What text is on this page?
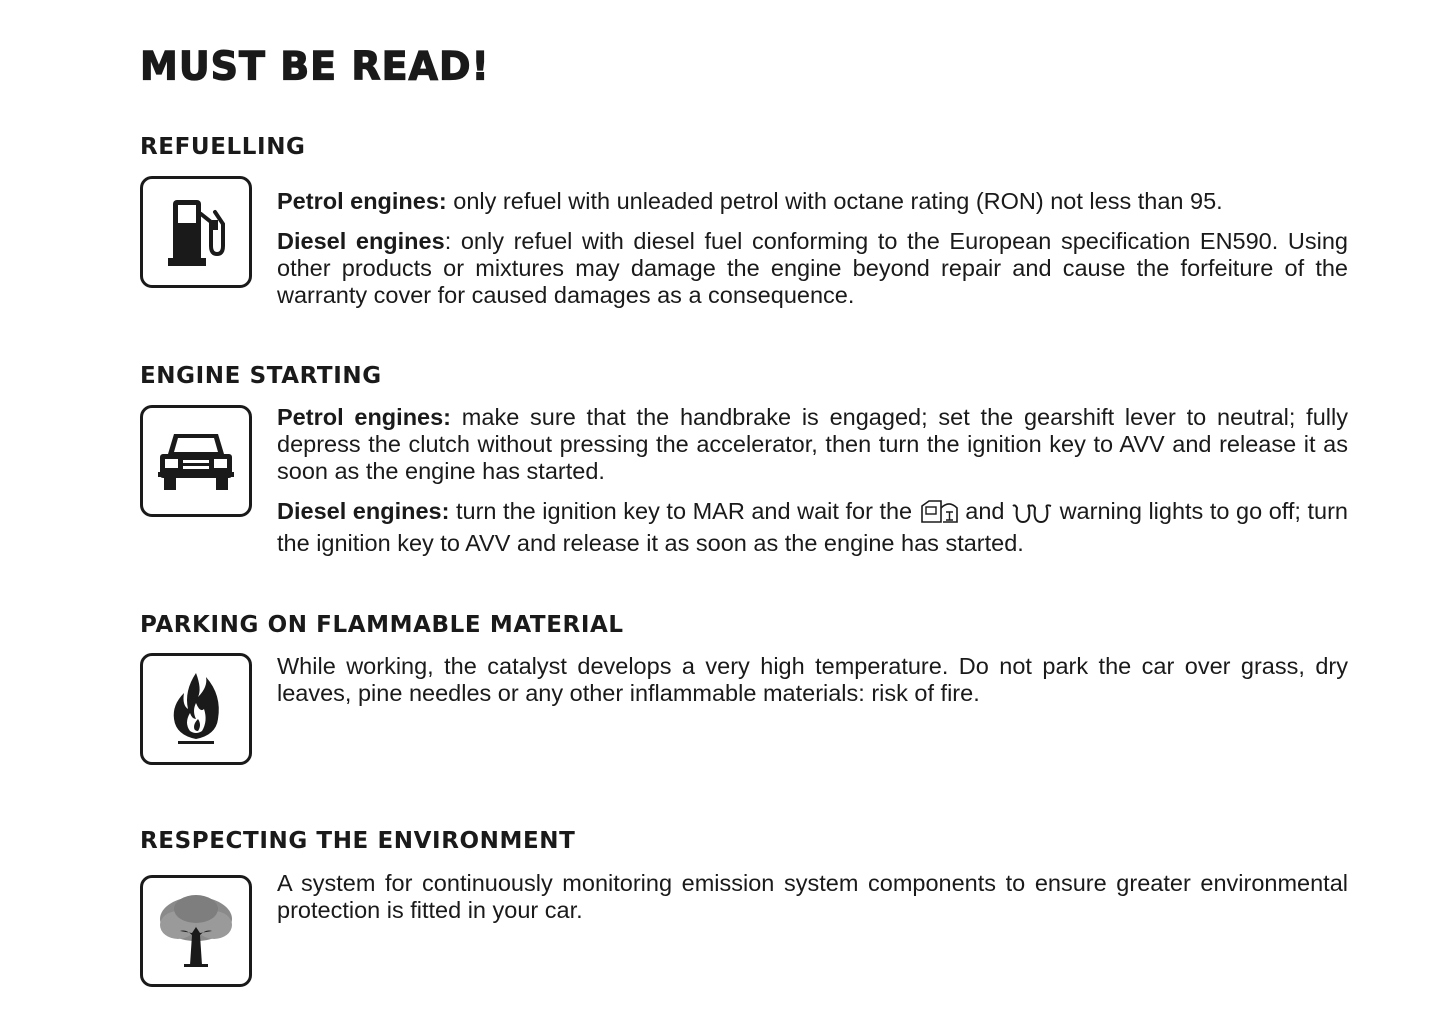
MUST BE READ!
REFUELLING

Petrol engines: only refuel with unleaded petrol with octane rating (RON) not less than 95.

Diesel engines: only refuel with diesel fuel conforming to the European specification EN590. Using other products or mixtures may damage the engine beyond repair and cause the forfeiture of the warranty cover for caused damages as a consequence.

ENGINE STARTING

Petrol engines: make sure that the handbrake is engaged; set the gearshift lever to neutral; fully depress the clutch without pressing the accelerator, then turn the ignition key to AVV and release it as soon as the engine has started.

Diesel engines: turn the ignition key to MAR and wait for the  and  warning lights to go off; turn the ignition key to AVV and release it as soon as the engine has started.

PARKING ON FLAMMABLE MATERIAL

While working, the catalyst develops a very high temperature. Do not park the car over grass, dry leaves, pine needles or any other inflammable materials: risk of fire.

RESPECTING THE ENVIRONMENT

A system for continuously monitoring emission system components to ensure greater environmental protection is fitted in your car.
